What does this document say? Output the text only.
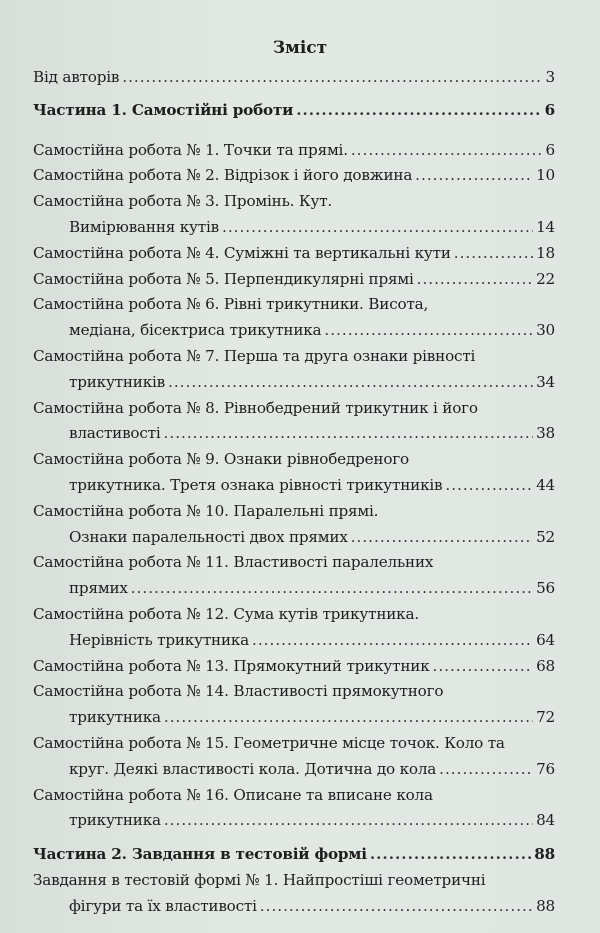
Зміст
Від авторів .....	3
Частина 1. Самостійні роботи .....	6
Самостійна робота № 1. Точки та прямі. .....	6
Самостійна робота № 2. Відрізок і його довжина .....	10
Самостійна робота № 3. Промінь. Кут.
Вимірювання кутів .....	14
Самостійна робота № 4. Суміжні та вертикальні кути .....	18
Самостійна робота № 5. Перпендикулярні прямі .....	22
Самостійна робота № 6. Рівні трикутники. Висота,
медіана, бісектриса трикутника .....	30
Самостійна робота № 7. Перша та друга ознаки рівності
трикутників .....	34
Самостійна робота № 8. Рівнобедрений трикутник і його
властивості .....	38
Самостійна робота № 9. Ознаки рівнобедреного
трикутника. Третя ознака рівності трикутників .....	44
Самостійна робота № 10. Паралельні прямі.
Ознаки паралельності двох прямих .....	52
Самостійна робота № 11. Властивості паралельних
прямих .....	56
Самостійна робота № 12. Сума кутів трикутника.
Нерівність трикутника .....	64
Самостійна робота № 13. Прямокутний трикутник .....	68
Самостійна робота № 14. Властивості прямокутного
трикутника .....	72
Самостійна робота № 15. Геометричне місце точок. Коло та
круг. Деякі властивості кола. Дотична до кола .....	76
Самостійна робота № 16. Описане та вписане кола
трикутника .....	84
Частина 2. Завдання в тестовій формі .....	88
Завдання в тестовій формі № 1. Найпростіші геометричні
фігури та їх властивості .....	88
